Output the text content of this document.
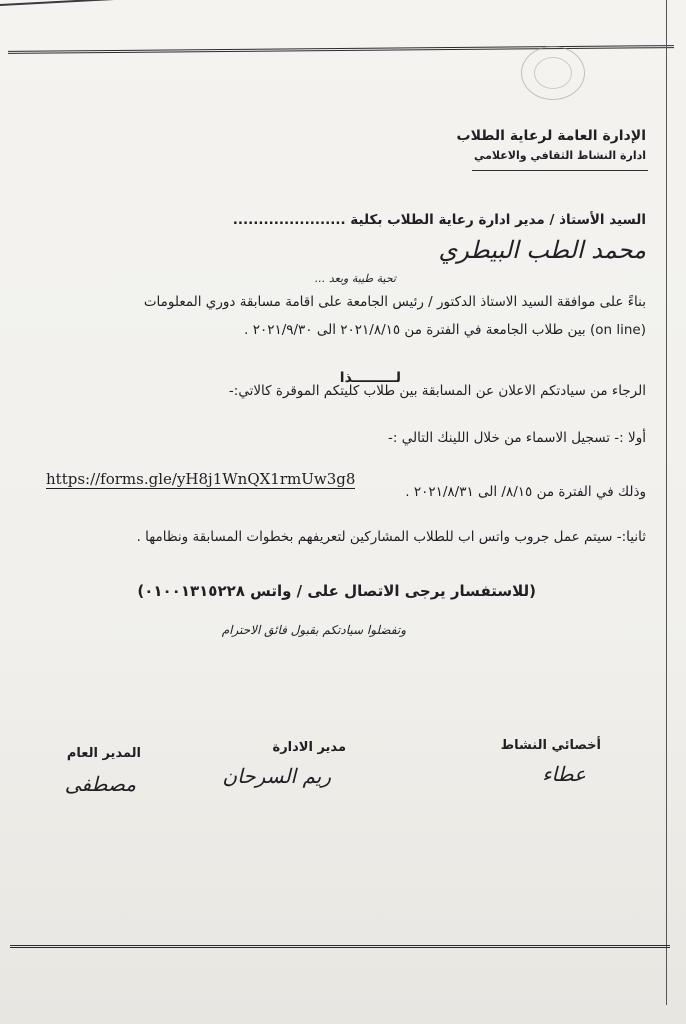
الإدارة العامة لرعاية الطلاب
ادارة النشاط الثقافي والاعلامي
السيد الأستاذ / مدير ادارة رعاية الطلاب بكلية ......................
محمد الطب البيطري
تحية طيبة وبعد ...
بناءً على موافقة السيد الاستاذ الدكتور / رئيس الجامعة على اقامة مسابقة دوري المعلومات
(on line) بين طلاب الجامعة في الفترة من ٢٠٢١/٨/١٥ الى ٢٠٢١/٩/٣٠ .
لـــــــــذا
الرجاء من سيادتكم الاعلان عن المسابقة بين طلاب كليتكم الموقرة كالاتي:-
أولا :- تسجيل الاسماء من خلال اللينك التالي :-
https://forms.gle/yH8j1WnQX1rmUw3g8
وذلك في الفترة من ٨/١٥/ الى ٢٠٢١/٨/٣١ .
ثانيا:- سيتم عمل جروب واتس اب للطلاب المشاركين لتعريفهم بخطوات المسابقة ونظامها .
(للاستفسار يرجى الاتصال على / واتس ٠١٠٠١٣١٥٢٢٨)
وتفضلوا سيادتكم بقبول فائق الاحترام
أخصائي النشاط
مدير الادارة
المدير العام
عطاء
ريم السرحان
مصطفى
